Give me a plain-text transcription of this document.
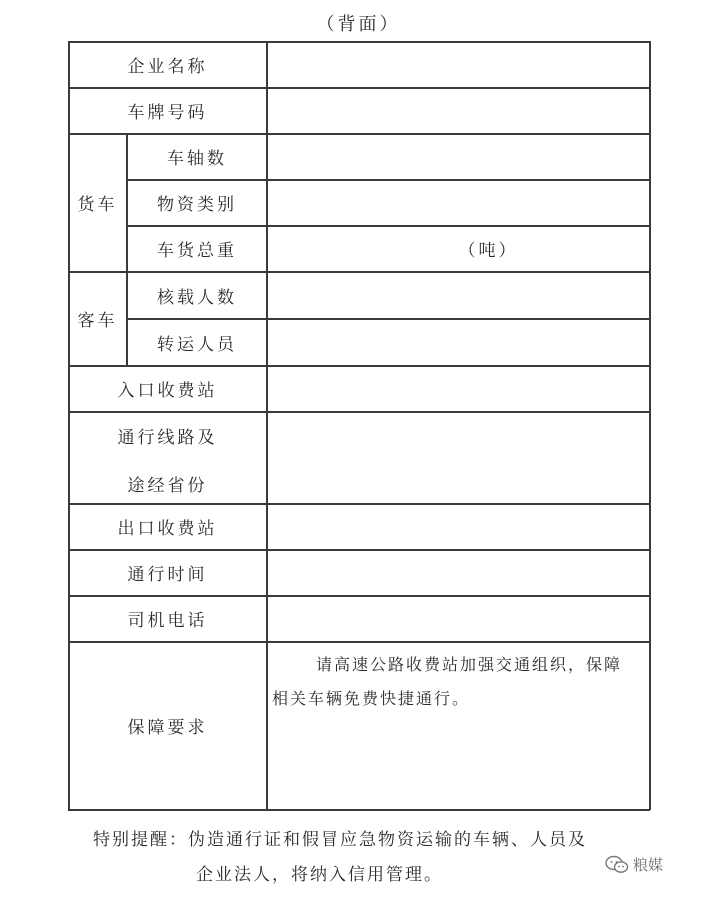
（背面）
企业名称
车牌号码
货车
车轴数
物资类别
车货总重	（吨）
客车
核载人数
转运人员
入口收费站
通行线路及
途经省份
出口收费站
通行时间
司机电话
保障要求
请高速公路收费站加强交通组织，保障
相关车辆免费快捷通行。
特别提醒：伪造通行证和假冒应急物资运输的车辆、人员及
企业法人，将纳入信用管理。	粮媒
